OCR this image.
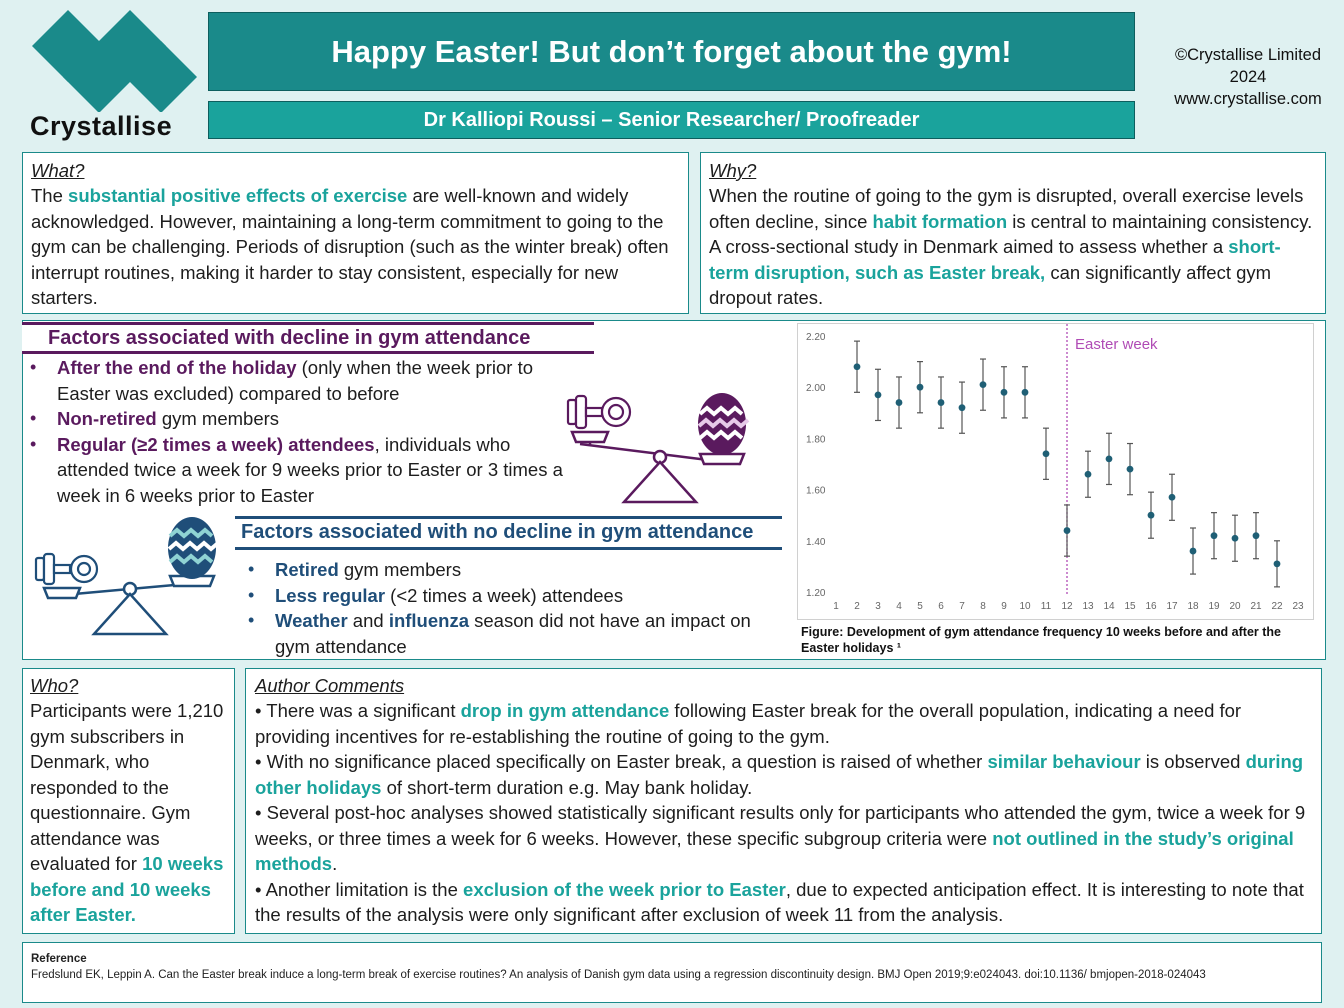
Crystallise
Happy Easter! But don’t forget about the gym!
Dr Kalliopi Roussi – Senior Researcher/ Proofreader
©Crystallise Limited
2024
www.crystallise.com
What?
The substantial positive effects of exercise are well-known and widely acknowledged. However, maintaining a long-term commitment to going to the gym can be challenging. Periods of disruption (such as the winter break) often interrupt routines, making it harder to stay consistent, especially for new starters.
Why?
When the routine of going to the gym is disrupted, overall exercise levels often decline, since habit formation is central to maintaining consistency. A cross-sectional study in Denmark aimed to assess whether a short-term disruption, such as Easter break, can significantly affect gym dropout rates.
Factors associated with decline in gym attendance
• After the end of the holiday (only when the week prior to Easter was excluded) compared to before
• Non-retired gym members
• Regular (≥2 times a week) attendees, individuals who attended twice a week for 9 weeks prior to Easter or 3 times a week in 6 weeks prior to Easter
Factors associated with no decline in gym attendance
• Retired gym members
• Less regular (<2 times a week) attendees
• Weather and influenza season did not have an impact on gym attendance
Easter week
1.20
1.40
1.60
1.80
2.00
2.20
1 2 3 4 5 6 7 8 9 10 11 12 13 14 15 16 17 18 19 20 21 22 23
Figure: Development of gym attendance frequency 10 weeks before and after the Easter holidays ¹
Who?
Participants were 1,210 gym subscribers in Denmark, who responded to the questionnaire. Gym attendance was evaluated for 10 weeks before and 10 weeks after Easter.
Author Comments
• There was a significant drop in gym attendance following Easter break for the overall population, indicating a need for providing incentives for re-establishing the routine of going to the gym.
• With no significance placed specifically on Easter break, a question is raised of whether similar behaviour is observed during other holidays of short-term duration e.g. May bank holiday.
• Several post-hoc analyses showed statistically significant results only for participants who attended the gym, twice a week for 9 weeks, or three times a week for 6 weeks. However, these specific subgroup criteria were not outlined in the study’s original methods.
• Another limitation is the exclusion of the week prior to Easter, due to expected anticipation effect. It is interesting to note that the results of the analysis were only significant after exclusion of week 11 from the analysis.
Reference
Fredslund EK, Leppin A. Can the Easter break induce a long-term break of exercise routines? An analysis of Danish gym data using a regression discontinuity design. BMJ Open 2019;9:e024043. doi:10.1136/ bmjopen-2018-024043
